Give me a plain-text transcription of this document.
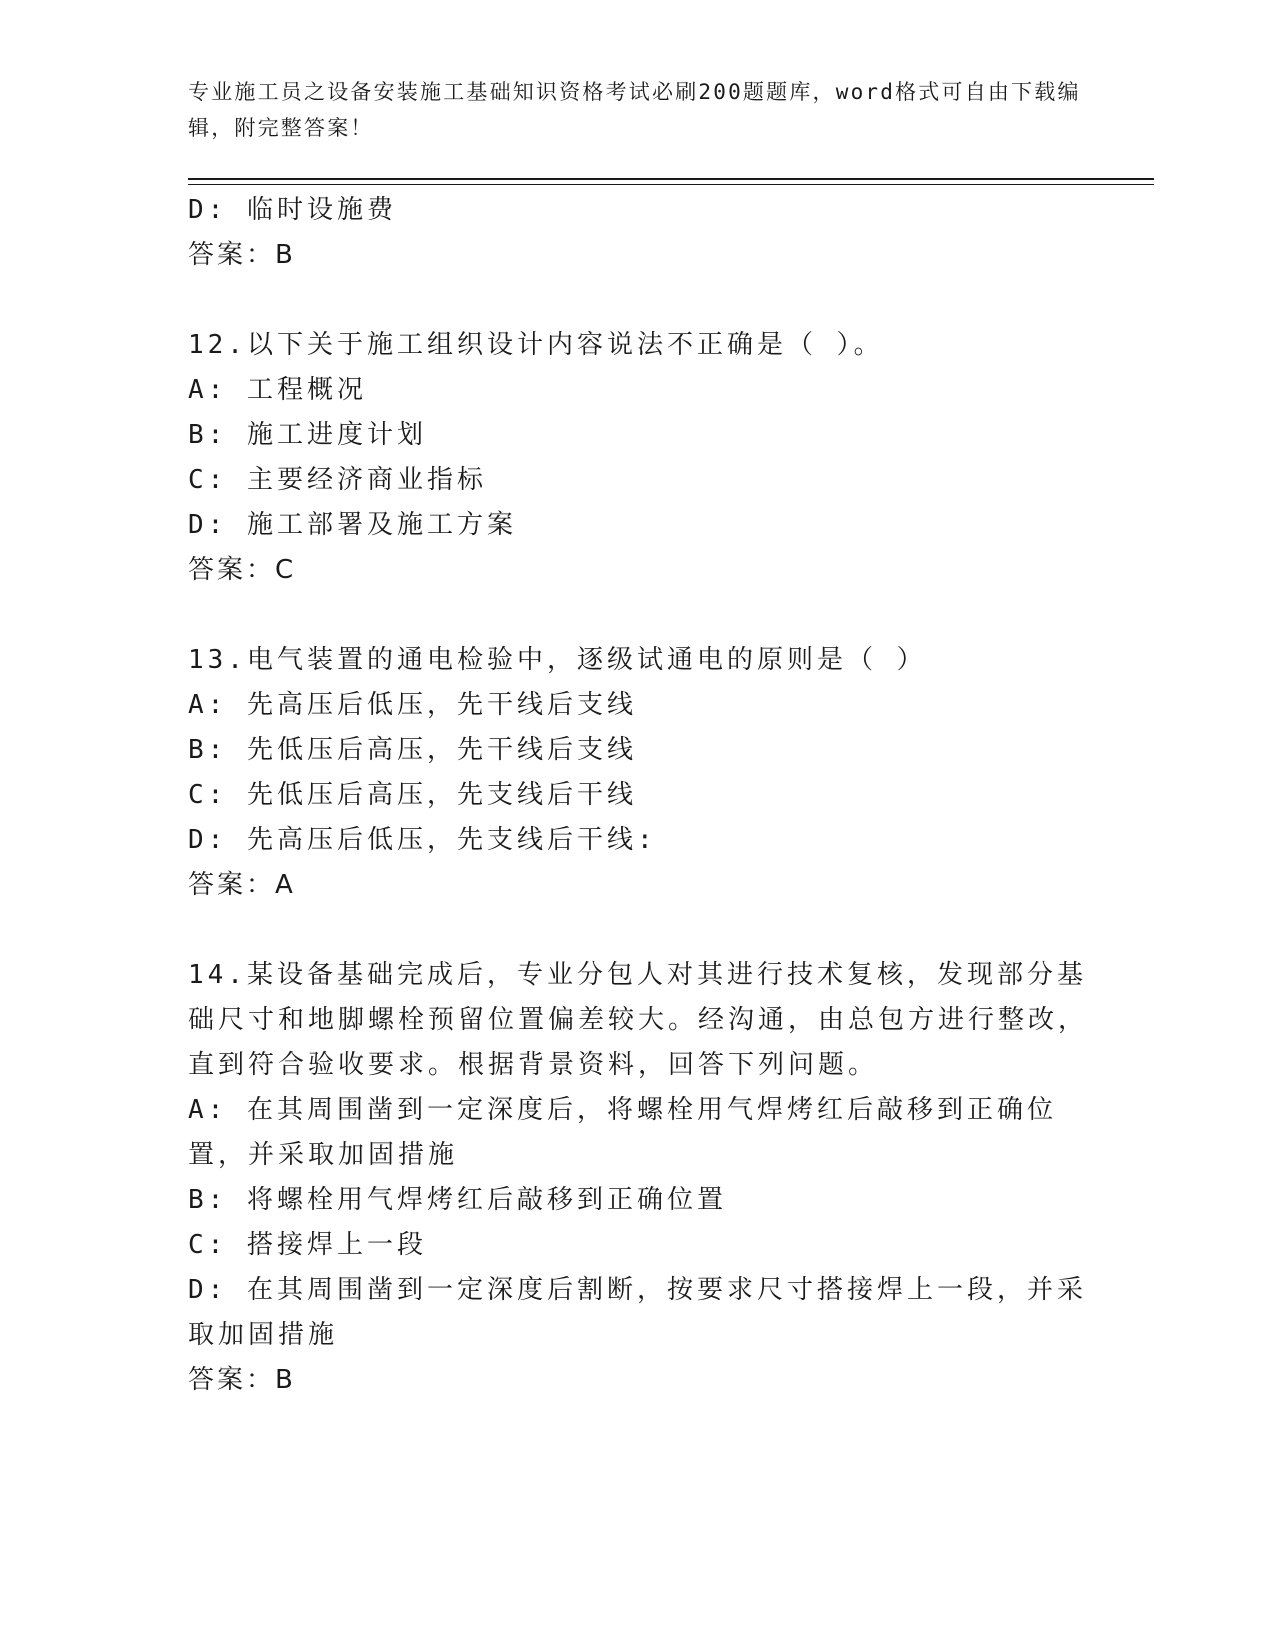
专业施工员之设备安装施工基础知识资格考试必刷200题题库，word格式可自由下载编辑，附完整答案！
D: 临时设施费
答案：B
12.以下关于施工组织设计内容说法不正确是（ ）。
A: 工程概况
B: 施工进度计划
C: 主要经济商业指标
D: 施工部署及施工方案
答案：C
13.电气装置的通电检验中，逐级试通电的原则是（ ）
A: 先高压后低压，先干线后支线
B: 先低压后高压，先干线后支线
C: 先低压后高压，先支线后干线
D: 先高压后低压，先支线后干线:
答案：A
14.某设备基础完成后，专业分包人对其进行技术复核，发现部分基础尺寸和地脚螺栓预留位置偏差较大。经沟通，由总包方进行整改，直到符合验收要求。根据背景资料，回答下列问题。
A: 在其周围凿到一定深度后，将螺栓用气焊烤红后敲移到正确位置，并采取加固措施
B: 将螺栓用气焊烤红后敲移到正确位置
C: 搭接焊上一段
D: 在其周围凿到一定深度后割断，按要求尺寸搭接焊上一段，并采取加固措施
答案：B
